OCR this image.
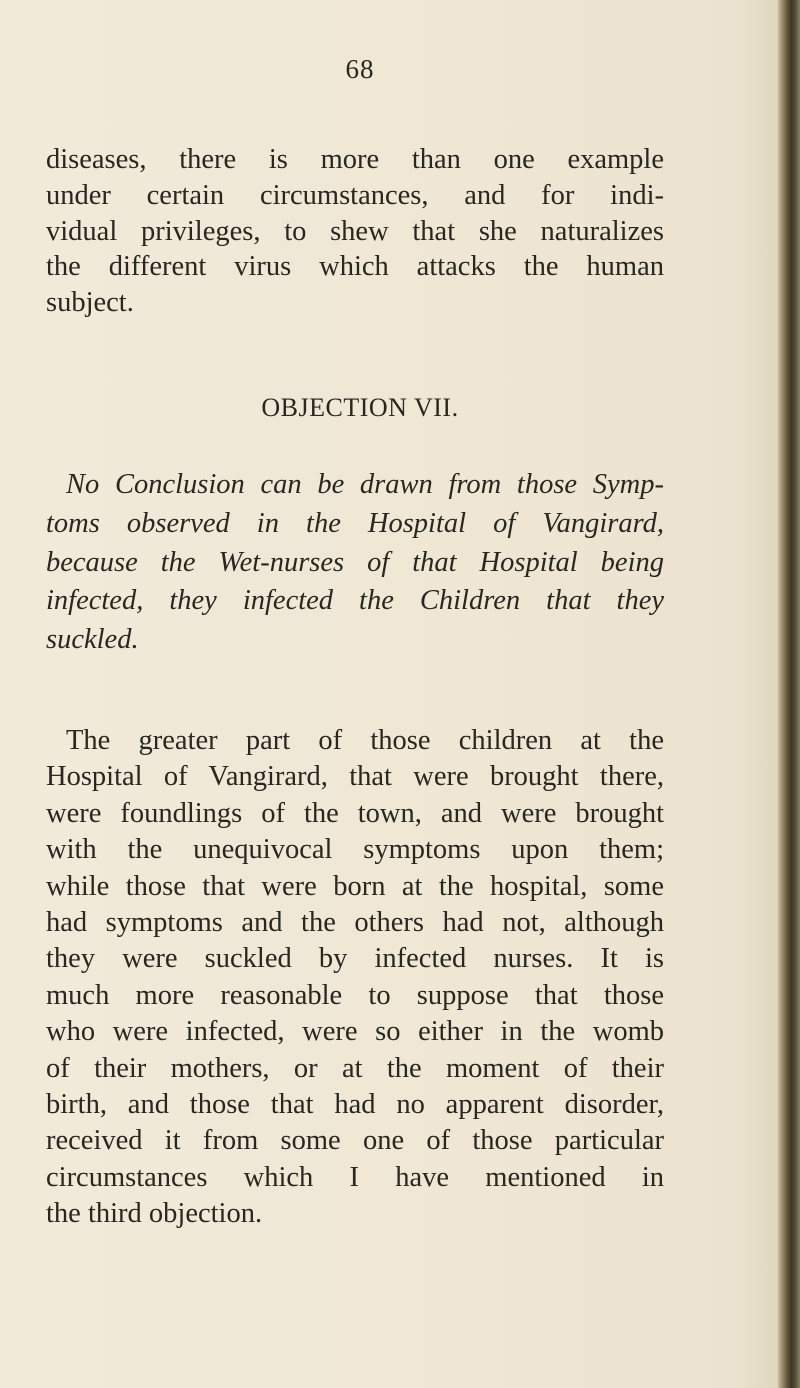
68
diseases, there is more than one example
under certain circumstances, and for indi-
vidual privileges, to shew that she naturalizes
the different virus which attacks the human
subject.
OBJECTION VII.
No Conclusion can be drawn from those Symp-
toms observed in the Hospital of Vangirard,
because the Wet-nurses of that Hospital being
infected, they infected the Children that they
suckled.
The greater part of those children at the
Hospital of Vangirard, that were brought there,
were foundlings of the town, and were brought
with the unequivocal symptoms upon them;
while those that were born at the hospital, some
had symptoms and the others had not, although
they were suckled by infected nurses. It is
much more reasonable to suppose that those
who were infected, were so either in the womb
of their mothers, or at the moment of their
birth, and those that had no apparent disorder,
received it from some one of those particular
circumstances which I have mentioned in
the third objection.
